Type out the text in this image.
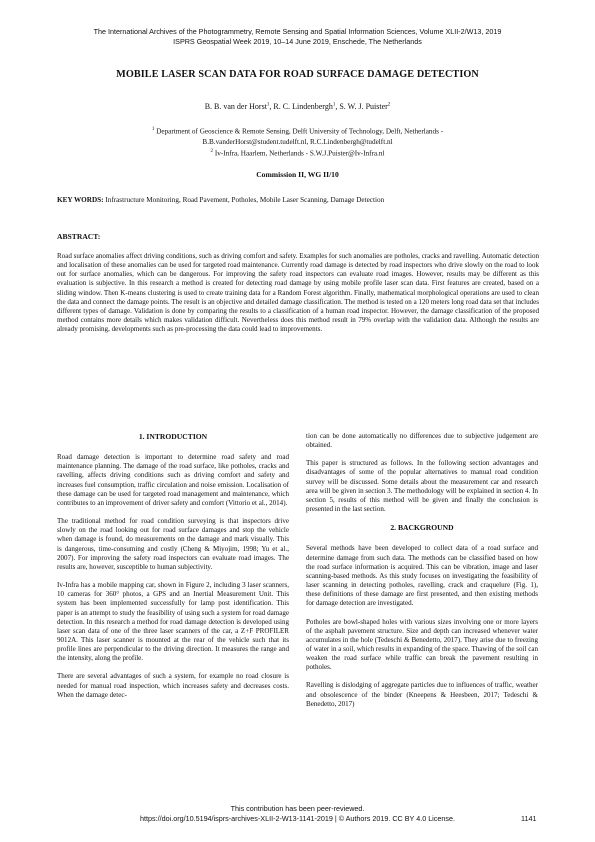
The International Archives of the Photogrammetry, Remote Sensing and Spatial Information Sciences, Volume XLII-2/W13, 2019
ISPRS Geospatial Week 2019, 10–14 June 2019, Enschede, The Netherlands
MOBILE LASER SCAN DATA FOR ROAD SURFACE DAMAGE DETECTION
B. B. van der Horst$^1$, R. C. Lindenbergh$^1$, S. W. J. Puister$^2$
$^1$ Department of Geoscience & Remote Sensing, Delft University of Technology, Delft, Netherlands -
B.B.vanderHorst@student.tudelft.nl, R.C.Lindenbergh@tudelft.nl
$^2$ Iv-Infra, Haarlem, Netherlands - S.W.J.Puister@Iv-Infra.nl
Commission II, WG II/10
KEY WORDS: Infrastructure Monitoring, Road Pavement, Potholes, Mobile Laser Scanning, Damage Detection
ABSTRACT:
Road surface anomalies affect driving conditions, such as driving comfort and safety. Examples for such anomalies are potholes, cracks and ravelling. Automatic detection and localisation of these anomalies can be used for targeted road maintenance. Currently road damage is detected by road inspectors who drive slowly on the road to look out for surface anomalies, which can be dangerous. For improving the safety road inspectors can evaluate road images. However, results may be different as this evaluation is subjective. In this research a method is created for detecting road damage by using mobile profile laser scan data. First features are created, based on a sliding window. Then K-means clustering is used to create training data for a Random Forest algorithm. Finally, mathematical morphological operations are used to clean the data and connect the damage points. The result is an objective and detailed damage classification. The method is tested on a 120 meters long road data set that includes different types of damage. Validation is done by comparing the results to a classification of a human road inspector. However, the damage classification of the proposed method contains more details which makes validation difficult. Nevertheless does this method result in 79% overlap with the validation data. Although the results are already promising, developments such as pre-processing the data could lead to improvements.
1. INTRODUCTION

Road damage detection is important to determine road safety and road maintenance planning. The damage of the road surface, like potholes, cracks and ravelling, affects driving conditions such as driving comfort and safety and increases fuel consumption, traffic circulation and noise emission. Localisation of these damage can be used for targeted road management and maintenance, which contributes to an improvement of driver safety and comfort (Vittorio et al., 2014).

The traditional method for road condition surveying is that inspectors drive slowly on the road looking out for road surface damages and stop the vehicle when damage is found, do measurements on the damage and mark visually. This is dangerous, time-consuming and costly (Cheng & Miyojim, 1998; Yu et al., 2007). For improving the safety road inspectors can evaluate road images. The results are, however, susceptible to human subjectivity.

Iv-Infra has a mobile mapping car, shown in Figure 2, including 3 laser scanners, 10 cameras for 360° photos, a GPS and an Inertial Measurement Unit. This system has been implemented successfully for lamp post identification. This paper is an attempt to study the feasibility of using such a system for road damage detection. In this research a method for road damage detection is developed using laser scan data of one of the three laser scanners of the car, a Z+F PROFILER 9012A. This laser scanner is mounted at the rear of the vehicle such that its profile lines are perpendicular to the driving direction. It measures the range and the intensity, along the profile.

There are several advantages of such a system, for example no road closure is needed for manual road inspection, which increases safety and decreases costs. When the damage detec-

tion can be done automatically no differences due to subjective judgement are obtained.

This paper is structured as follows. In the following section advantages and disadvantages of some of the popular alternatives to manual road condition survey will be discussed. Some details about the measurement car and research area will be given in section 3. The methodology will be explained in section 4. In section 5, results of this method will be given and finally the conclusion is presented in the last section.

2. BACKGROUND

Several methods have been developed to collect data of a road surface and determine damage from such data. The methods can be classified based on how the road surface information is acquired. This can be vibration, image and laser scanning-based methods. As this study focuses on investigating the feasibility of laser scanning in detecting potholes, ravelling, crack and craquelure (Fig. 1), these definitions of these damage are first presented, and then existing methods for damage detection are investigated.

Potholes are bowl-shaped holes with various sizes involving one or more layers of the asphalt pavement structure. Size and depth can increased whenever water accumulates in the hole (Tedeschi & Benedetto, 2017). They arise due to freezing of water in a soil, which results in expanding of the space. Thawing of the soil can weaken the road surface while traffic can break the pavement resulting in potholes.

Ravelling is dislodging of aggregate particles due to influences of traffic, weather and obsolescence of the binder (Kneepens & Heesbeen, 2017; Tedeschi & Benedetto, 2017)

This contribution has been peer-reviewed.
https://doi.org/10.5194/isprs-archives-XLII-2-W13-1141-2019 | © Authors 2019. CC BY 4.0 License.	1141
